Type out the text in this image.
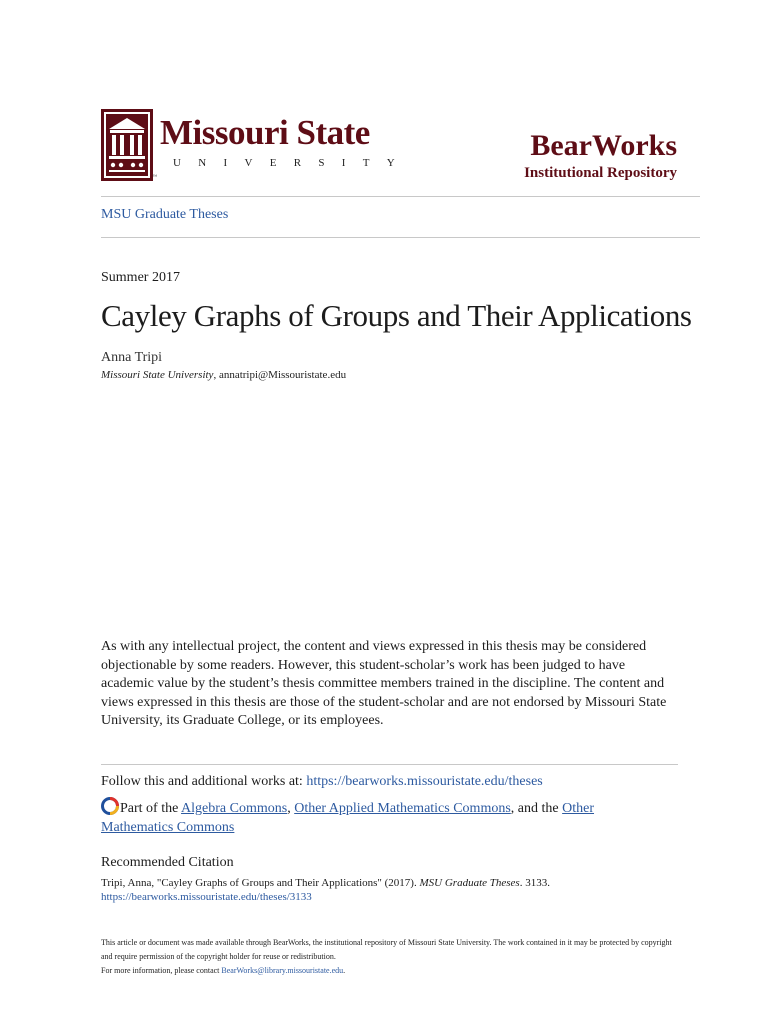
Missouri State
UNIVERSITY
™
BearWorks
Institutional Repository
MSU Graduate Theses
Summer 2017
Cayley Graphs of Groups and Their Applications
Anna Tripi
Missouri State University, annatripi@Missouristate.edu
As with any intellectual project, the content and views expressed in this thesis may be considered objectionable by some readers. However, this student-scholar’s work has been judged to have academic value by the student’s thesis committee members trained in the discipline. The content and views expressed in this thesis are those of the student-scholar and are not endorsed by Missouri State University, its Graduate College, or its employees.
Follow this and additional works at: https://bearworks.missouristate.edu/theses
Part of the Algebra Commons, Other Applied Mathematics Commons, and the Other Mathematics Commons
Recommended Citation
Tripi, Anna, "Cayley Graphs of Groups and Their Applications" (2017). MSU Graduate Theses. 3133.
https://bearworks.missouristate.edu/theses/3133
This article or document was made available through BearWorks, the institutional repository of Missouri State University. The work contained in it may be protected by copyright and require permission of the copyright holder for reuse or redistribution.
For more information, please contact BearWorks@library.missouristate.edu.
